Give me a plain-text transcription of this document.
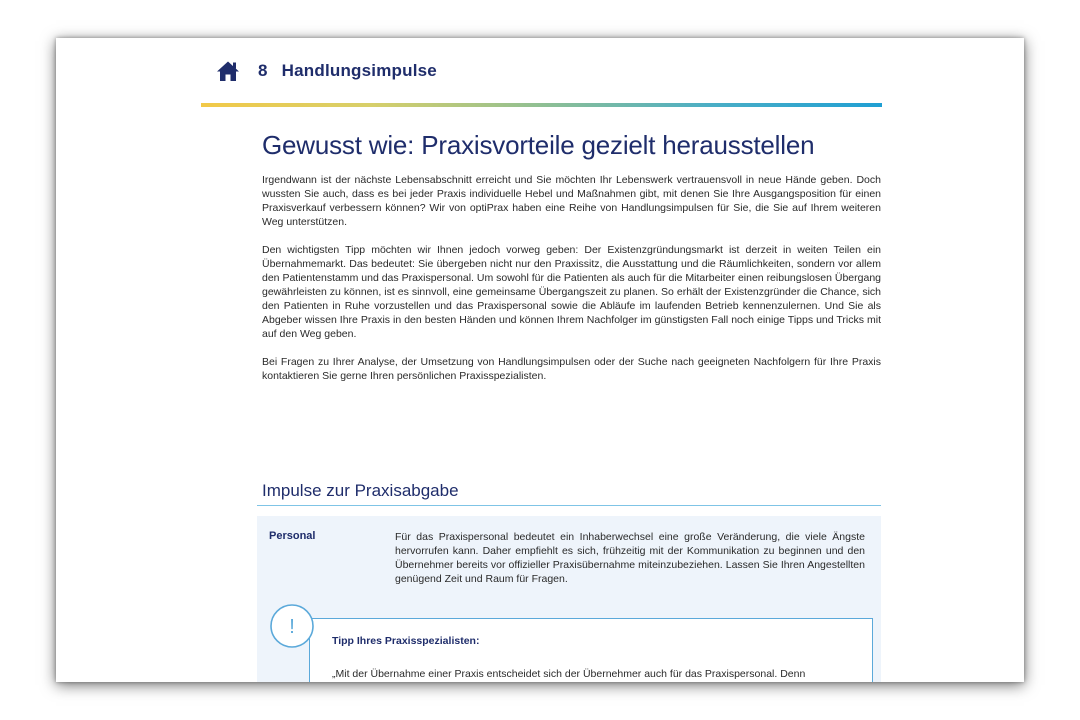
8 Handlungsimpulse
Gewusst wie: Praxisvorteile gezielt herausstellen

Irgendwann ist der nächste Lebensabschnitt erreicht und Sie möchten Ihr Lebenswerk vertrauensvoll in neue Hände geben. Doch wussten Sie auch, dass es bei jeder Praxis individuelle Hebel und Maßnahmen gibt, mit denen Sie Ihre Ausgangsposition für einen Praxisverkauf verbessern können? Wir von optiPrax haben eine Reihe von Handlungsimpulsen für Sie, die Sie auf Ihrem weiteren Weg unterstützen.

Den wichtigsten Tipp möchten wir Ihnen jedoch vorweg geben: Der Existenzgründungsmarkt ist derzeit in weiten Teilen ein Übernahmemarkt. Das bedeutet: Sie übergeben nicht nur den Praxissitz, die Ausstattung und die Räumlichkeiten, sondern vor allem den Patientenstamm und das Praxispersonal. Um sowohl für die Patienten als auch für die Mitarbeiter einen reibungslosen Übergang gewährleisten zu können, ist es sinnvoll, eine gemeinsame Übergangszeit zu planen. So erhält der Existenzgründer die Chance, sich den Patienten in Ruhe vorzustellen und das Praxispersonal sowie die Abläufe im laufenden Betrieb kennenzulernen. Und Sie als Abgeber wissen Ihre Praxis in den besten Händen und können Ihrem Nachfolger im günstigsten Fall noch einige Tipps und Tricks mit auf den Weg geben.

Bei Fragen zu Ihrer Analyse, der Umsetzung von Handlungsimpulsen oder der Suche nach geeigneten Nachfolgern für Ihre Praxis kontaktieren Sie gerne Ihren persönlichen Praxisspezialisten.

Impulse zur Praxisabgabe
Personal	Für das Praxispersonal bedeutet ein Inhaberwechsel eine große Veränderung, die viele Ängste hervorrufen kann. Daher empfiehlt es sich, frühzeitig mit der Kommunikation zu beginnen und den Übernehmer bereits vor offizieller Praxisübernahme miteinzubeziehen. Lassen Sie Ihren Angestellten genügend Zeit und Raum für Fragen.
Tipp Ihres Praxisspezialisten:
„Mit der Übernahme einer Praxis entscheidet sich der Übernehmer auch für das Praxispersonal. Denn
!
